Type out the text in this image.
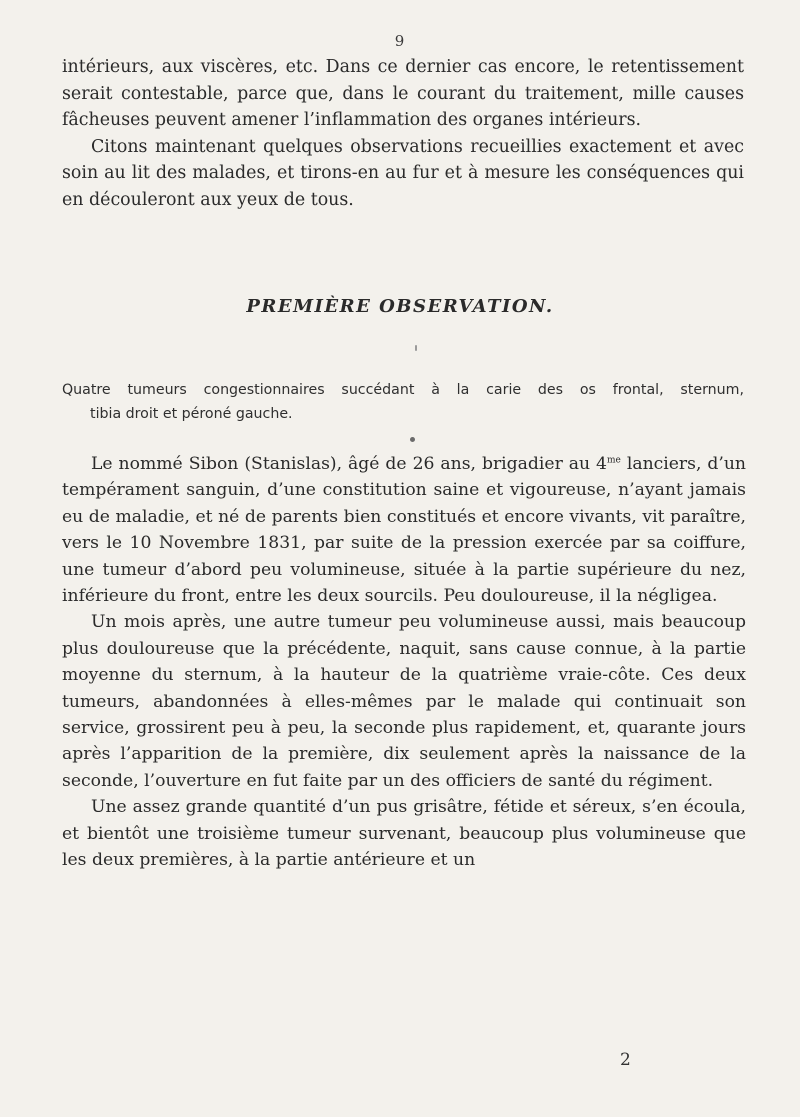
9

intérieurs, aux viscères, etc. Dans ce dernier cas encore, le retentissement serait contestable, parce que, dans le courant du traitement, mille causes fâcheuses peuvent amener l’inflammation des organes intérieurs.

Citons maintenant quelques observations recueillies exactement et avec soin au lit des malades, et tirons-en au fur et à mesure les conséquences qui en découleront aux yeux de tous.

PREMIÈRE OBSERVATION.
Quatre tumeurs congestionnaires succédant à la carie des os frontal, sternum,
tibia droit et péroné gauche.

Le nommé Sibon (Stanislas), âgé de 26 ans, brigadier au $4^{me}$ lanciers, d’un tempérament sanguin, d’une constitution saine et vigoureuse, n’ayant jamais eu de maladie, et né de parents bien constitués et encore vivants, vit paraître, vers le 10 Novembre 1831, par suite de la pression exercée par sa coiffure, une tumeur d’abord peu volumineuse, située à la partie supérieure du nez, inférieure du front, entre les deux sourcils. Peu douloureuse, il la négligea.

Un mois après, une autre tumeur peu volumineuse aussi, mais beaucoup plus douloureuse que la précédente, naquit, sans cause connue, à la partie moyenne du sternum, à la hauteur de la quatrième vraie-côte. Ces deux tumeurs, abandonnées à elles-mêmes par le malade qui continuait son service, grossirent peu à peu, la seconde plus rapidement, et, quarante jours après l’apparition de la première, dix seulement après la naissance de la seconde, l’ouverture en fut faite par un des officiers de santé du régiment.

Une assez grande quantité d’un pus grisâtre, fétide et séreux, s’en écoula, et bientôt une troisième tumeur survenant, beaucoup plus volumineuse que les deux premières, à la partie antérieure et un

2
